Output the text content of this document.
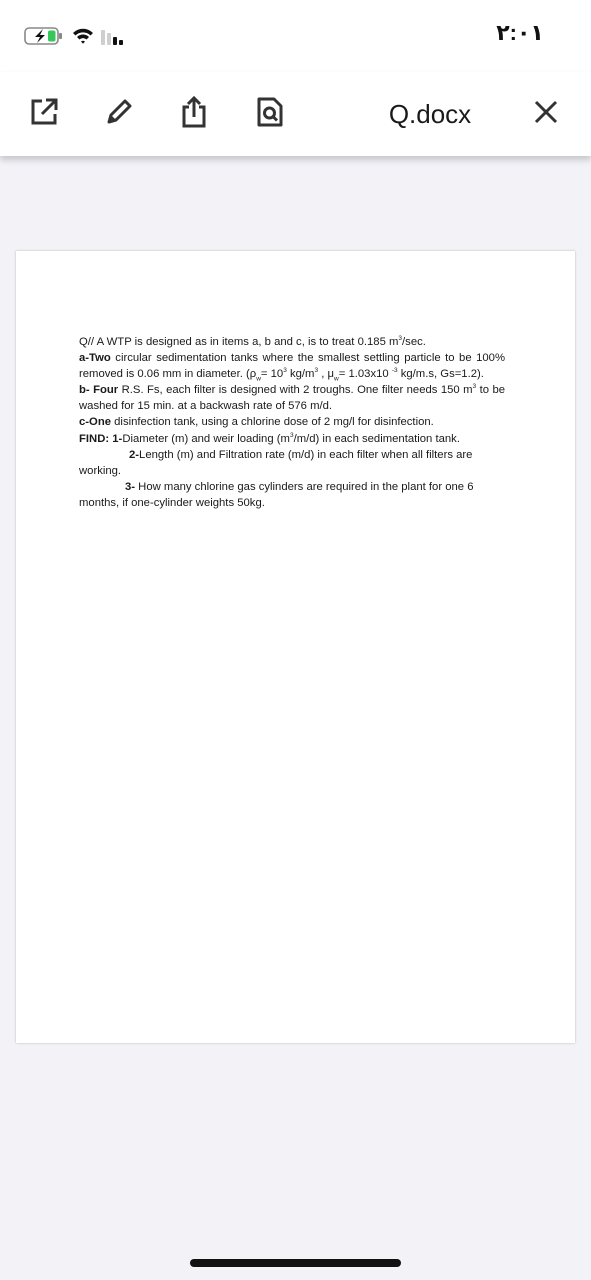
٢:٠١
Q.docx

Q// A WTP is designed as in items a, b and c, is to treat 0.185 $m^3/\sec$.

a-Two circular sedimentation tanks where the smallest settling particle to be 100% removed is 0.06 mm in diameter. ($\rho_w= 10^3$ $kg/m^3$ , $\mu_w= 1.03x10$ $^{-3}$ kg/m.s, Gs=1.2).

b- Four R.S. Fs, each filter is designed with 2 troughs. One filter needs 150 $m^3$ to be washed for 15 min. at a backwash rate of 576 m/d.

c-One disinfection tank, using a chlorine dose of 2 mg/l for disinfection.

FIND: 1-Diameter (m) and weir loading $(m^3/m/d)$ in each sedimentation tank.

2-Length (m) and Filtration rate (m/d) in each filter when all filters are working.

3- How many chlorine gas cylinders are required in the plant for one 6 months, if one-cylinder weights 50kg.
